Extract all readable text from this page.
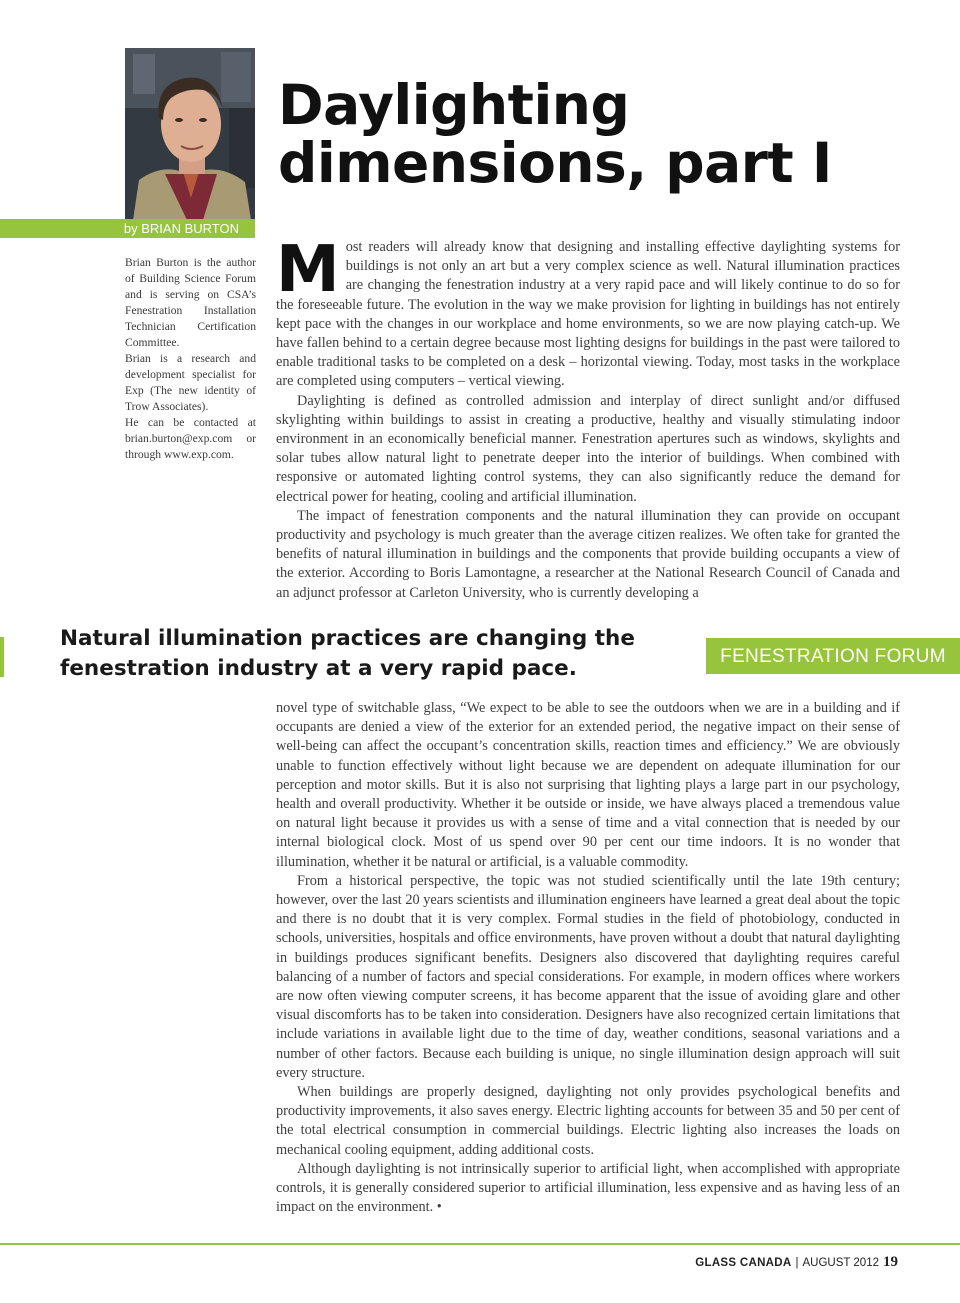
by BRIAN BURTON
Daylighting
dimensions, part I

Brian Burton is the author of Building Science Forum and is serving on CSA’s Fenestration Installation Technician Certification Committee.

Brian is a research and development specialist for Exp (The new identity of Trow Associates).

He can be contacted at brian.burton@exp.com or through www.exp.com.

Most readers will already know that designing and installing effective daylighting systems for buildings is not only an art but a very complex science as well. Natural illumination practices are changing the fenestration industry at a very rapid pace and will likely continue to do so for the foreseeable future. The evolution in the way we make provision for lighting in buildings has not entirely kept pace with the changes in our workplace and home environments, so we are now playing catch-up. We have fallen behind to a certain degree because most lighting designs for buildings in the past were tailored to enable traditional tasks to be completed on a desk – horizontal viewing. Today, most tasks in the workplace are completed using computers – vertical viewing.

Daylighting is defined as controlled admission and interplay of direct sunlight and/or diffused skylighting within buildings to assist in creating a productive, healthy and visually stimulating indoor environment in an economically beneficial manner. Fenestration apertures such as windows, skylights and solar tubes allow natural light to penetrate deeper into the interior of buildings. When combined with responsive or automated lighting control systems, they can also significantly reduce the demand for electrical power for heating, cooling and artificial illumination.

The impact of fenestration components and the natural illumination they can provide on occupant productivity and psychology is much greater than the average citizen realizes. We often take for granted the benefits of natural illumination in buildings and the components that provide building occupants a view of the exterior. According to Boris Lamontagne, a researcher at the National Research Council of Canada and an adjunct professor at Carleton University, who is currently developing a

Natural illumination practices are changing the
fenestration industry at a very rapid pace.	FENESTRATION FORUM

novel type of switchable glass, “We expect to be able to see the outdoors when we are in a building and if occupants are denied a view of the exterior for an extended period, the negative impact on their sense of well-being can affect the occupant’s concentration skills, reaction times and efficiency.” We are obviously unable to function effectively without light because we are dependent on adequate illumination for our perception and motor skills. But it is also not surprising that lighting plays a large part in our psychology, health and overall productivity. Whether it be outside or inside, we have always placed a tremendous value on natural light because it provides us with a sense of time and a vital connection that is needed by our internal biological clock. Most of us spend over 90 per cent our time indoors. It is no wonder that illumination, whether it be natural or artificial, is a valuable commodity.

From a historical perspective, the topic was not studied scientifically until the late 19th century; however, over the last 20 years scientists and illumination engineers have learned a great deal about the topic and there is no doubt that it is very complex. Formal studies in the field of photobiology, conducted in schools, universities, hospitals and office environments, have proven without a doubt that natural daylighting in buildings produces significant benefits. Designers also discovered that daylighting requires careful balancing of a number of factors and special considerations. For example, in modern offices where workers are now often viewing computer screens, it has become apparent that the issue of avoiding glare and other visual discomforts has to be taken into consideration. Designers have also recognized certain limitations that include variations in available light due to the time of day, weather conditions, seasonal variations and a number of other factors. Because each building is unique, no single illumination design approach will suit every structure.

When buildings are properly designed, daylighting not only provides psychological benefits and productivity improvements, it also saves energy. Electric lighting accounts for between 35 and 50 per cent of the total electrical consumption in commercial buildings. Electric lighting also increases the loads on mechanical cooling equipment, adding additional costs.

Although daylighting is not intrinsically superior to artificial light, when accomplished with appropriate controls, it is generally considered superior to artificial illumination, less expensive and as having less of an impact on the environment. •

GLASS CANADA | AUGUST 2012 19
